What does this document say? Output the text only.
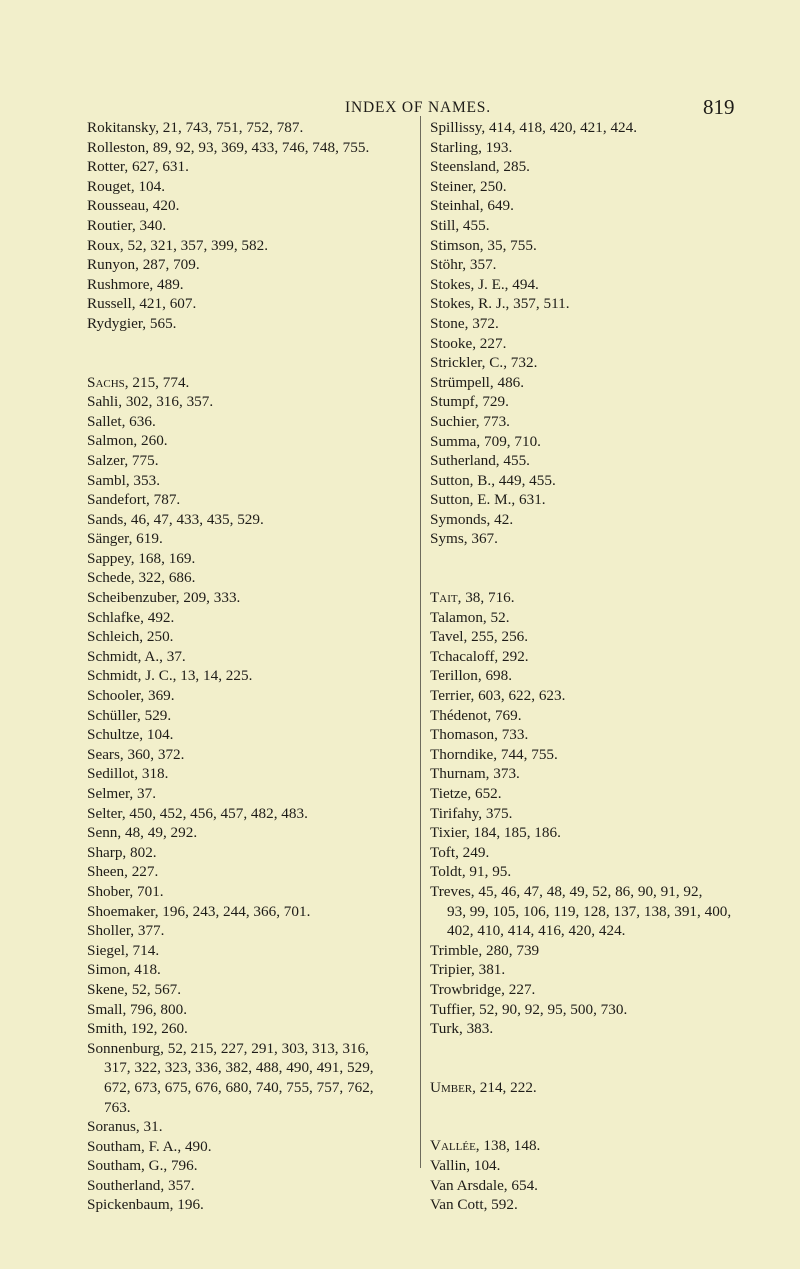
INDEX OF NAMES.	819
Rokitansky, 21, 743, 751, 752, 787.
Rolleston, 89, 92, 93, 369, 433, 746, 748, 755.
Rotter, 627, 631.
Rouget, 104.
Rousseau, 420.
Routier, 340.
Roux, 52, 321, 357, 399, 582.
Runyon, 287, 709.
Rushmore, 489.
Russell, 421, 607.
Rydygier, 565.
Sachs, 215, 774.
Sahli, 302, 316, 357.
Sallet, 636.
Salmon, 260.
Salzer, 775.
Sambl, 353.
Sandefort, 787.
Sands, 46, 47, 433, 435, 529.
Sänger, 619.
Sappey, 168, 169.
Schede, 322, 686.
Scheibenzuber, 209, 333.
Schlafke, 492.
Schleich, 250.
Schmidt, A., 37.
Schmidt, J. C., 13, 14, 225.
Schooler, 369.
Schüller, 529.
Schultze, 104.
Sears, 360, 372.
Sedillot, 318.
Selmer, 37.
Selter, 450, 452, 456, 457, 482, 483.
Senn, 48, 49, 292.
Sharp, 802.
Sheen, 227.
Shober, 701.
Shoemaker, 196, 243, 244, 366, 701.
Sholler, 377.
Siegel, 714.
Simon, 418.
Skene, 52, 567.
Small, 796, 800.
Smith, 192, 260.
Sonnenburg, 52, 215, 227, 291, 303, 313, 316,
317, 322, 323, 336, 382, 488, 490, 491, 529,
672, 673, 675, 676, 680, 740, 755, 757, 762,
763.
Soranus, 31.
Southam, F. A., 490.
Southam, G., 796.
Southerland, 357.
Spickenbaum, 196.
Spillissy, 414, 418, 420, 421, 424.
Starling, 193.
Steensland, 285.
Steiner, 250.
Steinhal, 649.
Still, 455.
Stimson, 35, 755.
Stöhr, 357.
Stokes, J. E., 494.
Stokes, R. J., 357, 511.
Stone, 372.
Stooke, 227.
Strickler, C., 732.
Strümpell, 486.
Stumpf, 729.
Suchier, 773.
Summa, 709, 710.
Sutherland, 455.
Sutton, B., 449, 455.
Sutton, E. M., 631.
Symonds, 42.
Syms, 367.
Tait, 38, 716.
Talamon, 52.
Tavel, 255, 256.
Tchacaloff, 292.
Terillon, 698.
Terrier, 603, 622, 623.
Thédenot, 769.
Thomason, 733.
Thorndike, 744, 755.
Thurnam, 373.
Tietze, 652.
Tirifahy, 375.
Tixier, 184, 185, 186.
Toft, 249.
Toldt, 91, 95.
Treves, 45, 46, 47, 48, 49, 52, 86, 90, 91, 92,
93, 99, 105, 106, 119, 128, 137, 138, 391, 400,
402, 410, 414, 416, 420, 424.
Trimble, 280, 739
Tripier, 381.
Trowbridge, 227.
Tuffier, 52, 90, 92, 95, 500, 730.
Turk, 383.
Umber, 214, 222.
Vallée, 138, 148.
Vallin, 104.
Van Arsdale, 654.
Van Cott, 592.
